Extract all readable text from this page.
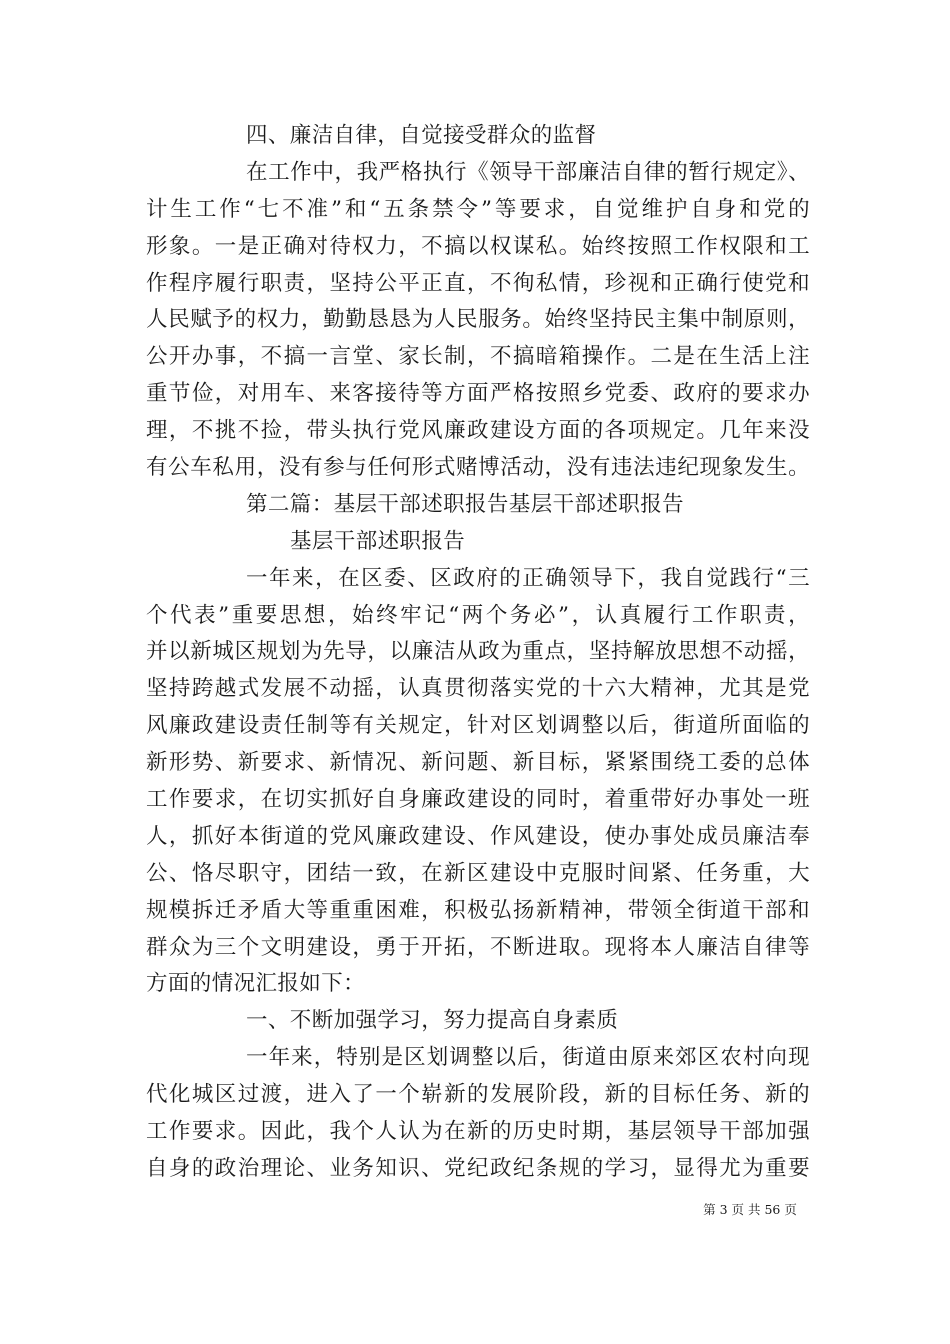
四、廉洁自律，自觉接受群众的监督
在工作中，我严格执行《领导干部廉洁自律的暂行规定》、
计生工作“七不准”和“五条禁令”等要求，自觉维护自身和党的
形象。一是正确对待权力，不搞以权谋私。始终按照工作权限和工
作程序履行职责，坚持公平正直，不徇私情，珍视和正确行使党和
人民赋予的权力，勤勤恳恳为人民服务。始终坚持民主集中制原则，
公开办事，不搞一言堂、家长制，不搞暗箱操作。二是在生活上注
重节俭，对用车、来客接待等方面严格按照乡党委、政府的要求办
理，不挑不捡，带头执行党风廉政建设方面的各项规定。几年来没
有公车私用，没有参与任何形式赌博活动，没有违法违纪现象发生。
第二篇：基层干部述职报告基层干部述职报告
基层干部述职报告
一年来，在区委、区政府的正确领导下，我自觉践行“三
个代表”重要思想，始终牢记“两个务必”，认真履行工作职责，
并以新城区规划为先导，以廉洁从政为重点，坚持解放思想不动摇，
坚持跨越式发展不动摇，认真贯彻落实党的十六大精神，尤其是党
风廉政建设责任制等有关规定，针对区划调整以后，街道所面临的
新形势、新要求、新情况、新问题、新目标，紧紧围绕工委的总体
工作要求，在切实抓好自身廉政建设的同时，着重带好办事处一班
人，抓好本街道的党风廉政建设、作风建设，使办事处成员廉洁奉
公、恪尽职守，团结一致，在新区建设中克服时间紧、任务重，大
规模拆迁矛盾大等重重困难，积极弘扬新精神，带领全街道干部和
群众为三个文明建设，勇于开拓，不断进取。现将本人廉洁自律等
方面的情况汇报如下：
一、不断加强学习，努力提高自身素质
一年来，特别是区划调整以后，街道由原来郊区农村向现
代化城区过渡，进入了一个崭新的发展阶段，新的目标任务、新的
工作要求。因此，我个人认为在新的历史时期，基层领导干部加强
自身的政治理论、业务知识、党纪政纪条规的学习，显得尤为重要
第 3 页 共 56 页
